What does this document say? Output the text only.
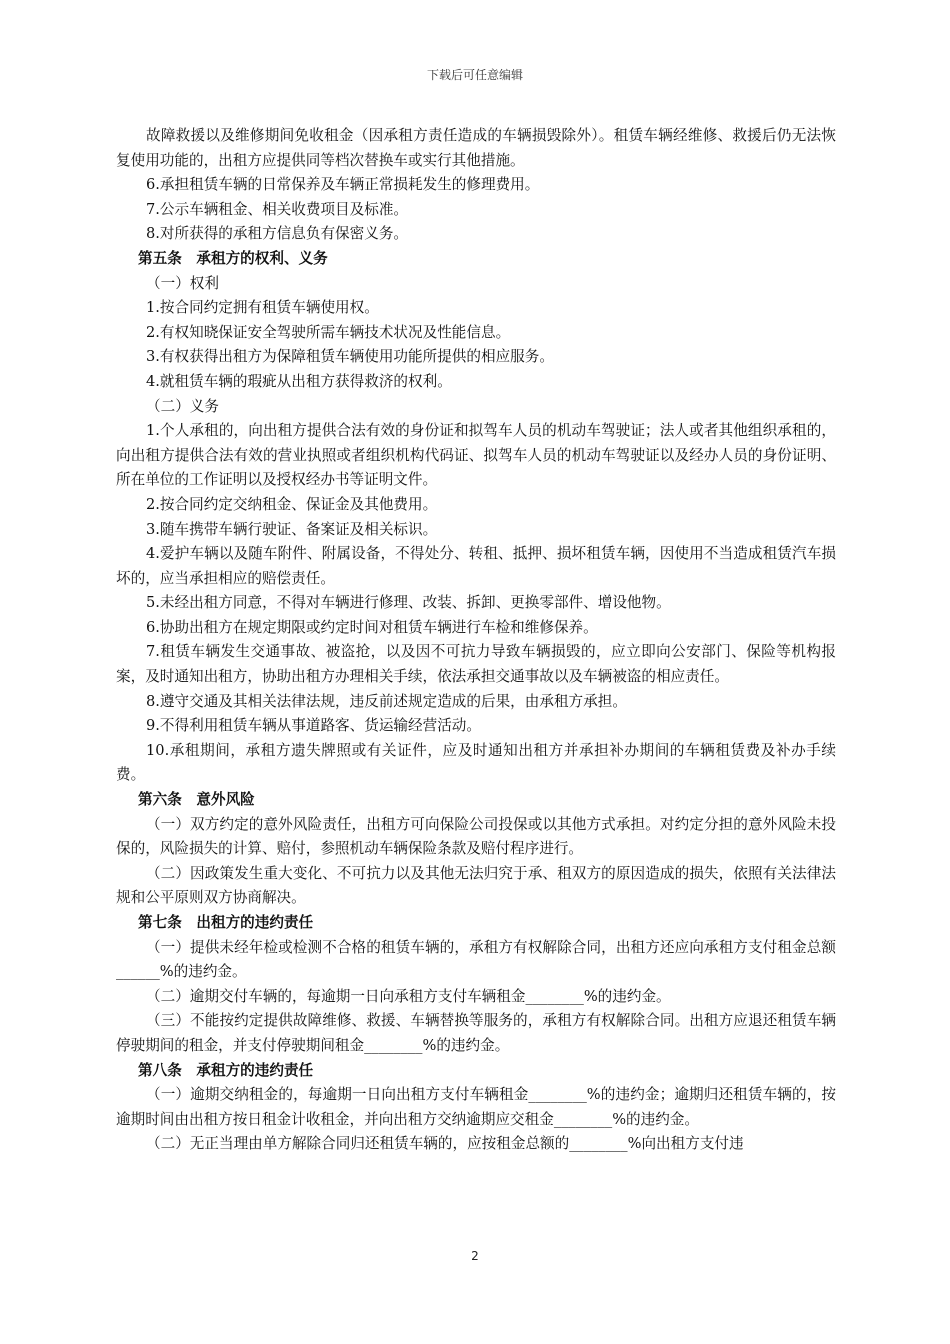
下载后可任意编辑

故障救援以及维修期间免收租金（因承租方责任造成的车辆损毁除外）。租赁车辆经维修、救援后仍无法恢复使用功能的，出租方应提供同等档次替换车或实行其他措施。

6.承担租赁车辆的日常保养及车辆正常损耗发生的修理费用。

7.公示车辆租金、相关收费项目及标准。

8.对所获得的承租方信息负有保密义务。

第五条　承租方的权利、义务

（一）权利

1.按合同约定拥有租赁车辆使用权。

2.有权知晓保证安全驾驶所需车辆技术状况及性能信息。

3.有权获得出租方为保障租赁车辆使用功能所提供的相应服务。

4.就租赁车辆的瑕疵从出租方获得救济的权利。

（二）义务

1.个人承租的，向出租方提供合法有效的身份证和拟驾车人员的机动车驾驶证；法人或者其他组织承租的，向出租方提供合法有效的营业执照或者组织机构代码证、拟驾车人员的机动车驾驶证以及经办人员的身份证明、所在单位的工作证明以及授权经办书等证明文件。

2.按合同约定交纳租金、保证金及其他费用。

3.随车携带车辆行驶证、备案证及相关标识。

4.爱护车辆以及随车附件、附属设备，不得处分、转租、抵押、损坏租赁车辆，因使用不当造成租赁汽车损坏的，应当承担相应的赔偿责任。

5.未经出租方同意，不得对车辆进行修理、改装、拆卸、更换零部件、增设他物。

6.协助出租方在规定期限或约定时间对租赁车辆进行车检和维修保养。

7.租赁车辆发生交通事故、被盗抢，以及因不可抗力导致车辆损毁的，应立即向公安部门、保险等机构报案，及时通知出租方，协助出租方办理相关手续，依法承担交通事故以及车辆被盗的相应责任。

8.遵守交通及其相关法律法规，违反前述规定造成的后果，由承租方承担。

9.不得利用租赁车辆从事道路客、货运输经营活动。

10.承租期间，承租方遗失牌照或有关证件，应及时通知出租方并承担补办期间的车辆租赁费及补办手续费。

第六条　意外风险

（一）双方约定的意外风险责任，出租方可向保险公司投保或以其他方式承担。对约定分担的意外风险未投保的，风险损失的计算、赔付，参照机动车辆保险条款及赔付程序进行。

（二）因政策发生重大变化、不可抗力以及其他无法归究于承、租双方的原因造成的损失，依照有关法律法规和公平原则双方协商解决。

第七条　出租方的违约责任

（一）提供未经年检或检测不合格的租赁车辆的，承租方有权解除合同，出租方还应向承租方支付租金总额______%的违约金。

（二）逾期交付车辆的，每逾期一日向承租方支付车辆租金________%的违约金。

（三）不能按约定提供故障维修、救援、车辆替换等服务的，承租方有权解除合同。出租方应退还租赁车辆停驶期间的租金，并支付停驶期间租金________%的违约金。

第八条　承租方的违约责任

（一）逾期交纳租金的，每逾期一日向出租方支付车辆租金________%的违约金；逾期归还租赁车辆的，按逾期时间由出租方按日租金计收租金，并向出租方交纳逾期应交租金________%的违约金。

（二）无正当理由单方解除合同归还租赁车辆的，应按租金总额的________%向出租方支付违

2
